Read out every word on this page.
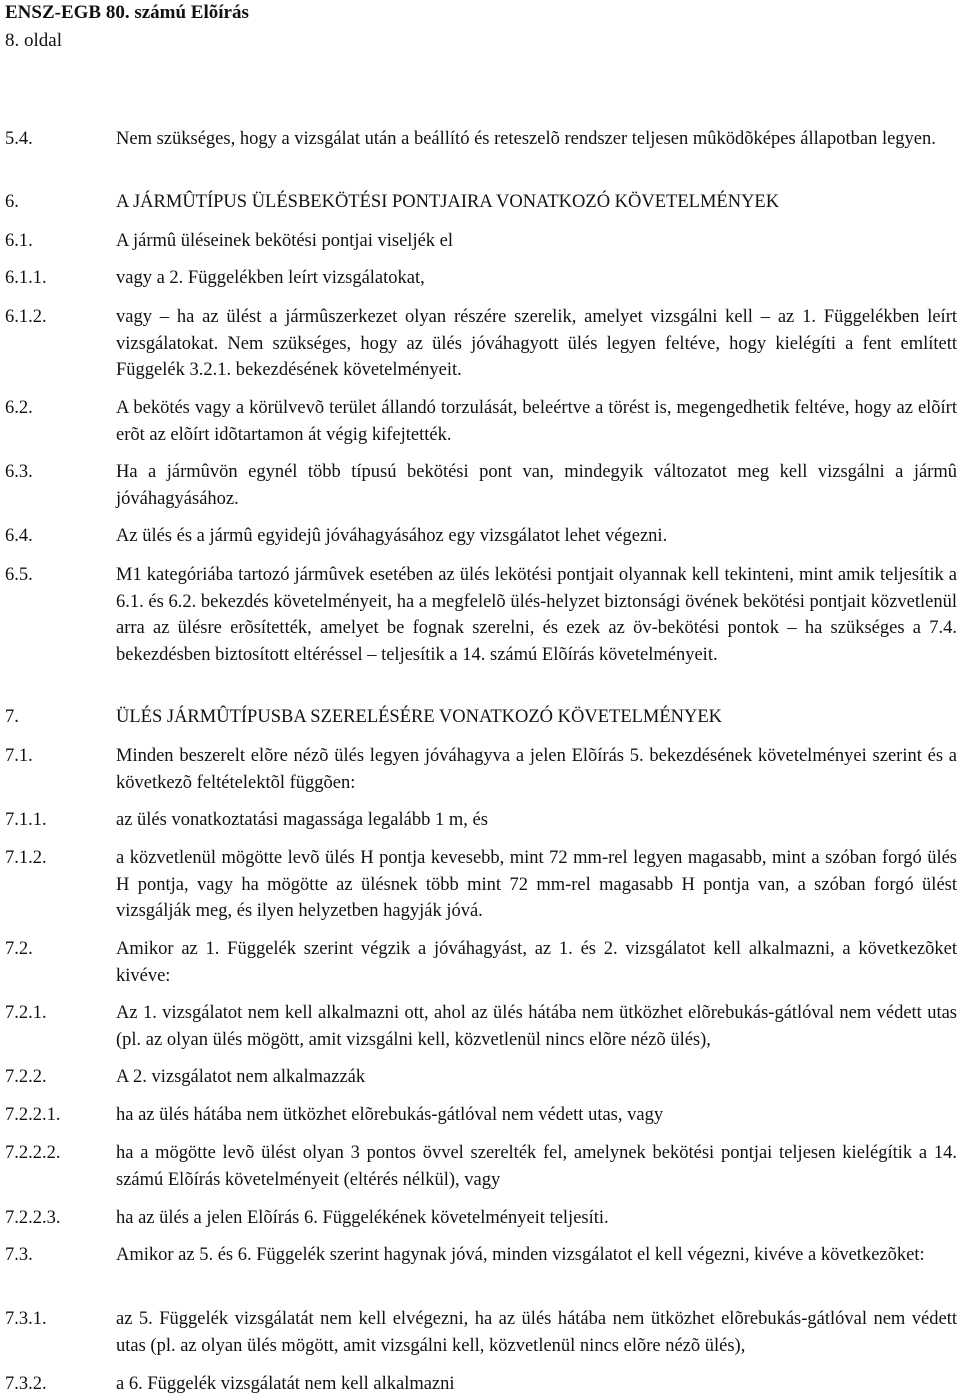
ENSZ-EGB 80. számú Elõírás
8. oldal
5.4.	Nem szükséges, hogy a vizsgálat után a beállító és reteszelõ rendszer teljesen mûködõképes állapotban legyen.
6.	A JÁRMÛTÍPUS ÜLÉSBEKÖTÉSI PONTJAIRA VONATKOZÓ KÖVETELMÉNYEK
6.1.	A jármû üléseinek bekötési pontjai viseljék el
6.1.1.	vagy a 2. Függelékben leírt vizsgálatokat,
6.1.2.	vagy – ha az ülést a jármûszerkezet olyan részére szerelik, amelyet vizsgálni kell – az 1. Függelékben leírt vizsgálatokat. Nem szükséges, hogy az ülés jóváhagyott ülés legyen feltéve, hogy kielégíti a fent említett Függelék 3.2.1. bekezdésének követelményeit.
6.2.	A bekötés vagy a körülvevõ terület állandó torzulását, beleértve a törést is, megengedhetik feltéve, hogy az elõírt erõt az elõírt idõtartamon át végig kifejtették.
6.3.	Ha a jármûvön egynél több típusú bekötési pont van, mindegyik változatot meg kell vizsgálni a jármû jóváhagyásához.
6.4.	Az ülés és a jármû egyidejû jóváhagyásához egy vizsgálatot lehet végezni.
6.5.	M1 kategóriába tartozó jármûvek esetében az ülés lekötési pontjait olyannak kell tekinteni, mint amik teljesítik a 6.1. és 6.2. bekezdés követelményeit, ha a megfelelõ ülés-helyzet biztonsági övének bekötési pontjait közvetlenül arra az ülésre erõsítették, amelyet be fognak szerelni, és ezek az öv-bekötési pontok – ha szükséges a 7.4. bekezdésben biztosított eltéréssel – teljesítik a 14. számú Elõírás követelményeit.
7.	ÜLÉS JÁRMÛTÍPUSBA SZERELÉSÉRE VONATKOZÓ KÖVETELMÉNYEK
7.1.	Minden beszerelt elõre nézõ ülés legyen jóváhagyva a jelen Elõírás 5. bekezdésének követelményei szerint és a következõ feltételektõl függõen:
7.1.1.	az ülés vonatkoztatási magassága legalább 1 m, és
7.1.2.	a közvetlenül mögötte levõ ülés H pontja kevesebb, mint 72 mm-rel legyen magasabb, mint a szóban forgó ülés H pontja, vagy ha mögötte az ülésnek több mint 72 mm-rel magasabb H pontja van, a szóban forgó ülést vizsgálják meg, és ilyen helyzetben hagyják jóvá.
7.2.	Amikor az 1. Függelék szerint végzik a jóváhagyást, az 1. és 2. vizsgálatot kell alkalmazni, a következõket kivéve:
7.2.1.	Az 1. vizsgálatot nem kell alkalmazni ott, ahol az ülés hátába nem ütközhet elõrebukás-gátlóval nem védett utas (pl. az olyan ülés mögött, amit vizsgálni kell, közvetlenül nincs elõre nézõ ülés),
7.2.2.	A 2. vizsgálatot nem alkalmazzák
7.2.2.1.	ha az ülés hátába nem ütközhet elõrebukás-gátlóval nem védett utas, vagy
7.2.2.2.	ha a mögötte levõ ülést olyan 3 pontos övvel szerelték fel, amelynek bekötési pontjai teljesen kielégítik a 14. számú Elõírás követelményeit (eltérés nélkül), vagy
7.2.2.3.	ha az ülés a jelen Elõírás 6. Függelékének követelményeit teljesíti.
7.3.	Amikor az 5. és 6. Függelék szerint hagynak jóvá, minden vizsgálatot el kell végezni, kivéve a következõket:
7.3.1.	az 5. Függelék vizsgálatát nem kell elvégezni, ha az ülés hátába nem ütközhet elõrebukás-gátlóval nem védett utas (pl. az olyan ülés mögött, amit vizsgálni kell, közvetlenül nincs elõre nézõ ülés),
7.3.2.	a 6. Függelék vizsgálatát nem kell alkalmazni
